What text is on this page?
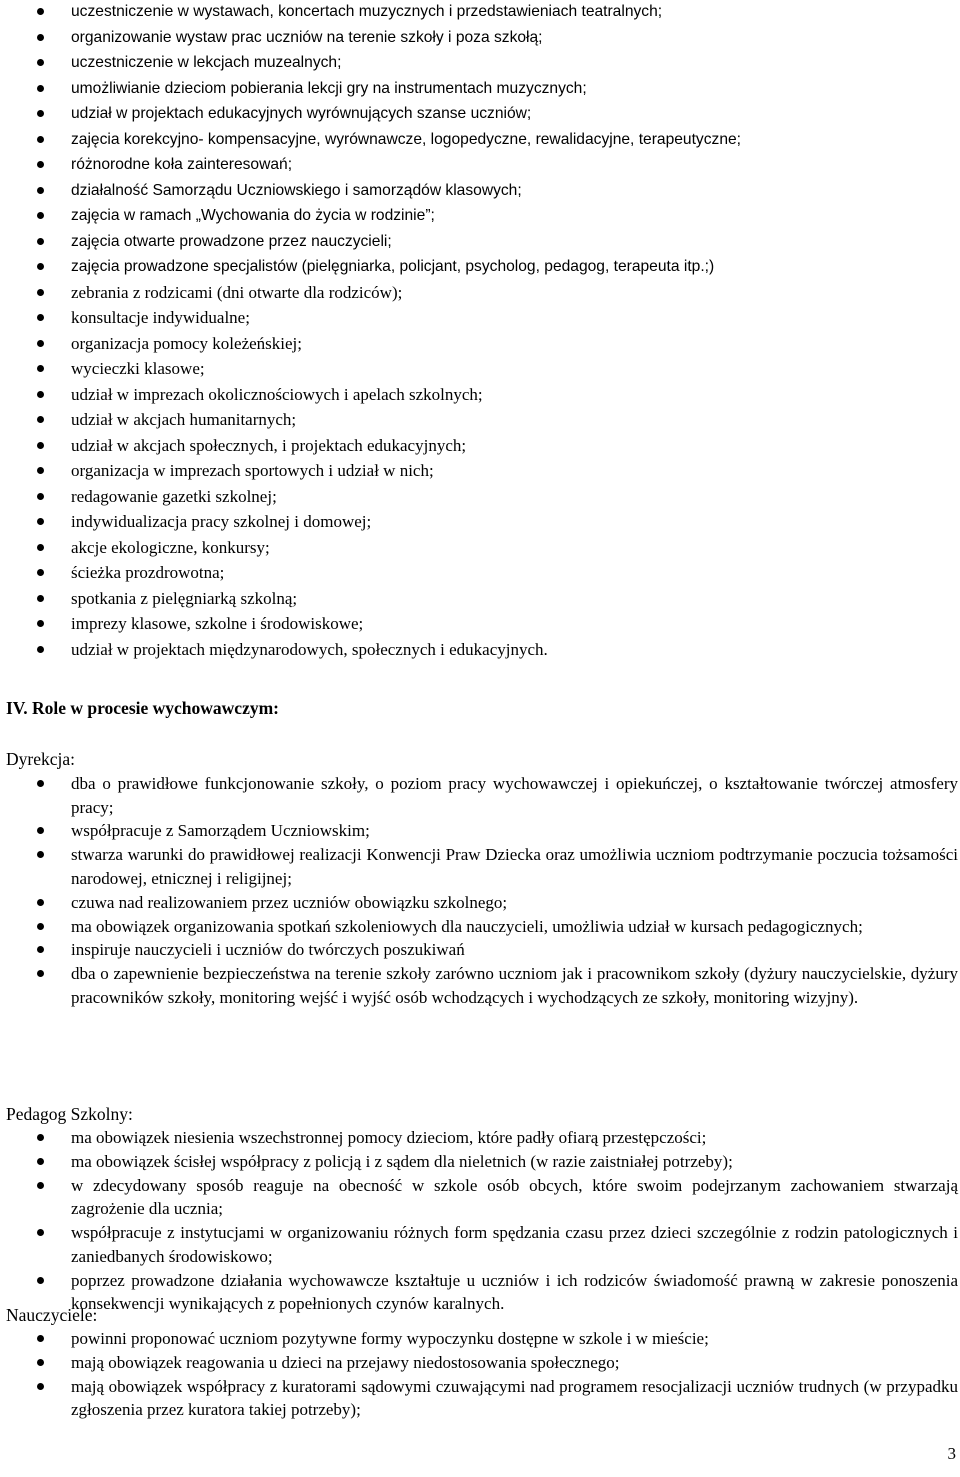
uczestniczenie w wystawach, koncertach muzycznych i przedstawieniach teatralnych;
organizowanie wystaw prac uczniów na terenie szkoły i poza szkołą;
uczestniczenie w lekcjach muzealnych;
umożliwianie dzieciom pobierania lekcji gry na instrumentach muzycznych;
udział w projektach edukacyjnych wyrównujących szanse uczniów;
zajęcia korekcyjno- kompensacyjne, wyrównawcze, logopedyczne, rewalidacyjne, terapeutyczne;
różnorodne koła zainteresowań;
działalność Samorządu Uczniowskiego i samorządów klasowych;
zajęcia w ramach „Wychowania do życia w rodzinie”;
zajęcia otwarte prowadzone przez nauczycieli;
zajęcia prowadzone specjalistów (pielęgniarka, policjant, psycholog, pedagog, terapeuta itp.;)
zebrania z rodzicami (dni otwarte dla rodziców);
konsultacje indywidualne;
organizacja pomocy koleżeńskiej;
wycieczki klasowe;
udział w imprezach okolicznościowych i apelach szkolnych;
udział w akcjach humanitarnych;
udział w akcjach społecznych, i projektach edukacyjnych;
organizacja w imprezach sportowych i udział w nich;
redagowanie gazetki szkolnej;
indywidualizacja pracy szkolnej i domowej;
akcje ekologiczne, konkursy;
ścieżka prozdrowotna;
spotkania z pielęgniarką szkolną;
imprezy klasowe, szkolne i środowiskowe;
udział w projektach międzynarodowych, społecznych i edukacyjnych.
IV. Role w procesie wychowawczym:
Dyrekcja:
dba o prawidłowe funkcjonowanie szkoły, o poziom pracy wychowawczej i opiekuńczej, o kształtowanie twórczej atmosfery pracy;
współpracuje z Samorządem Uczniowskim;
stwarza warunki do prawidłowej realizacji Konwencji Praw Dziecka oraz umożliwia uczniom podtrzymanie poczucia tożsamości narodowej, etnicznej i religijnej;
czuwa nad realizowaniem przez uczniów obowiązku szkolnego;
ma obowiązek organizowania spotkań szkoleniowych dla nauczycieli, umożliwia udział w kursach pedagogicznych;
inspiruje nauczycieli i uczniów do twórczych poszukiwań
dba o zapewnienie bezpieczeństwa na terenie szkoły zarówno uczniom jak i pracownikom szkoły (dyżury nauczycielskie, dyżury pracowników szkoły, monitoring wejść i wyjść osób wchodzących i wychodzących ze szkoły, monitoring wizyjny).
Pedagog Szkolny:
ma obowiązek niesienia wszechstronnej pomocy dzieciom, które padły ofiarą przestępczości;
ma obowiązek ścisłej współpracy z policją i z sądem dla nieletnich (w razie zaistniałej potrzeby);
w zdecydowany sposób reaguje na obecność w szkole osób obcych, które swoim podejrzanym zachowaniem stwarzają zagrożenie dla ucznia;
współpracuje z instytucjami w organizowaniu różnych form spędzania czasu przez dzieci szczególnie z rodzin patologicznych i zaniedbanych środowiskowo;
poprzez prowadzone działania wychowawcze kształtuje u uczniów i ich rodziców świadomość prawną w zakresie ponoszenia konsekwencji wynikających z popełnionych czynów karalnych.
Nauczyciele:
powinni proponować uczniom pozytywne formy wypoczynku dostępne w szkole i w mieście;
mają obowiązek reagowania u dzieci na przejawy niedostosowania społecznego;
mają obowiązek współpracy z kuratorami sądowymi czuwającymi nad programem resocjalizacji uczniów trudnych (w przypadku zgłoszenia przez kuratora takiej potrzeby);
3
